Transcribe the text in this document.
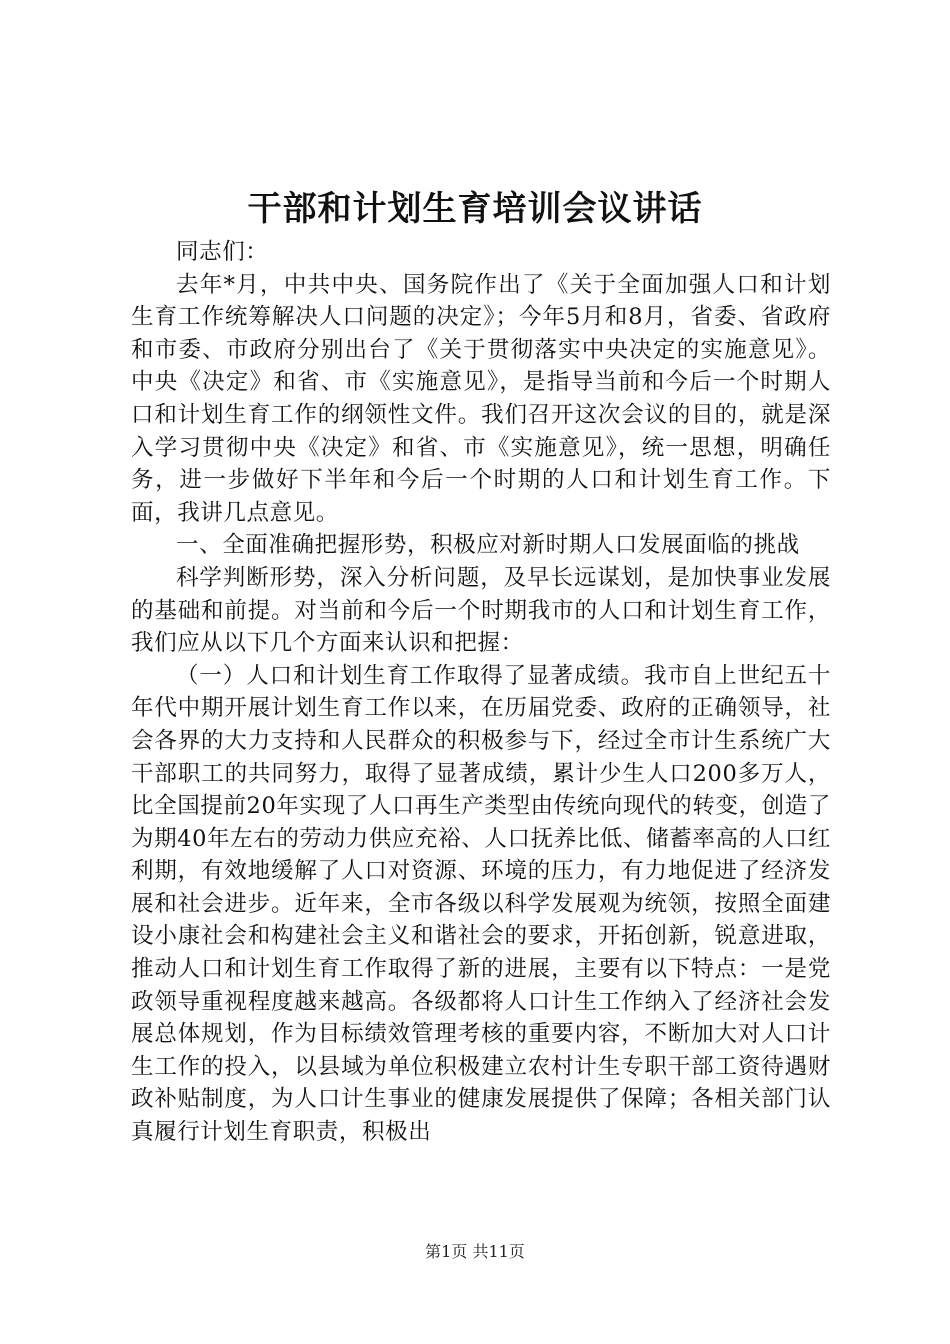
干部和计划生育培训会议讲话

同志们：

去年*月，中共中央、国务院作出了《关于全面加强人口和计划生育工作统筹解决人口问题的决定》；今年5月和8月，省委、省政府和市委、市政府分别出台了《关于贯彻落实中央决定的实施意见》。中央《决定》和省、市《实施意见》，是指导当前和今后一个时期人口和计划生育工作的纲领性文件。我们召开这次会议的目的，就是深入学习贯彻中央《决定》和省、市《实施意见》，统一思想，明确任务，进一步做好下半年和今后一个时期的人口和计划生育工作。下面，我讲几点意见。

一、全面准确把握形势，积极应对新时期人口发展面临的挑战

科学判断形势，深入分析问题，及早长远谋划，是加快事业发展的基础和前提。对当前和今后一个时期我市的人口和计划生育工作，我们应从以下几个方面来认识和把握：

（一）人口和计划生育工作取得了显著成绩。我市自上世纪五十年代中期开展计划生育工作以来，在历届党委、政府的正确领导，社会各界的大力支持和人民群众的积极参与下，经过全市计生系统广大干部职工的共同努力，取得了显著成绩，累计少生人口200多万人，比全国提前20年实现了人口再生产类型由传统向现代的转变，创造了为期40年左右的劳动力供应充裕、人口抚养比低、储蓄率高的人口红利期，有效地缓解了人口对资源、环境的压力，有力地促进了经济发展和社会进步。近年来，全市各级以科学发展观为统领，按照全面建设小康社会和构建社会主义和谐社会的要求，开拓创新，锐意进取，推动人口和计划生育工作取得了新的进展，主要有以下特点：一是党政领导重视程度越来越高。各级都将人口计生工作纳入了经济社会发展总体规划，作为目标绩效管理考核的重要内容，不断加大对人口计生工作的投入，以县域为单位积极建立农村计生专职干部工资待遇财政补贴制度，为人口计生事业的健康发展提供了保障；各相关部门认真履行计划生育职责，积极出

第1页 共11页
